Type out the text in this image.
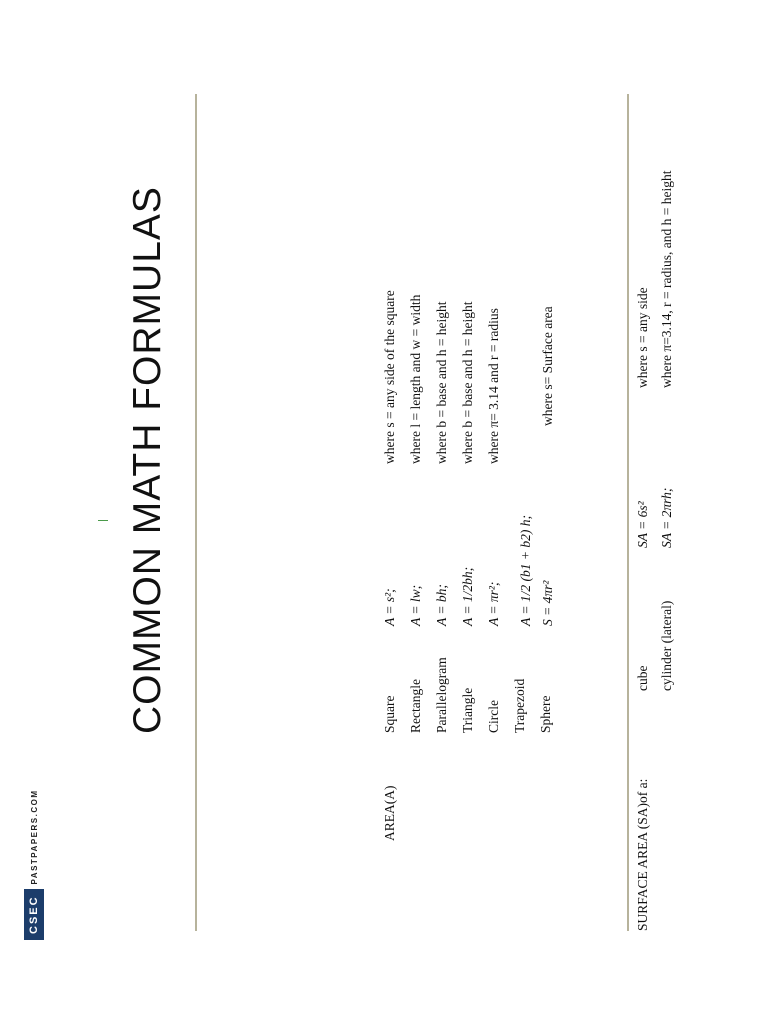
CSEC
PASTPAPERS.COM
COMMON MATH FORMULAS
AREA(A)
Square
A = s²;
where s = any side of the square
Rectangle
A = lw;
where l = length and w = width
Parallelogram
A = bh;
where b = base and h = height
Triangle
A = 1/2bh;
where b = base and h = height
Circle
A = πr²;
where π= 3.14 and r = radius
Trapezoid
A = 1/2 (b1 + b2) h;
Sphere
S = 4πr²
where s= Surface area
SURFACE AREA (SA)of a:
cube
SA = 6s²
where s = any side
cylinder (lateral)
SA = 2πrh;
where π=3.14, r = radius, and h = height
